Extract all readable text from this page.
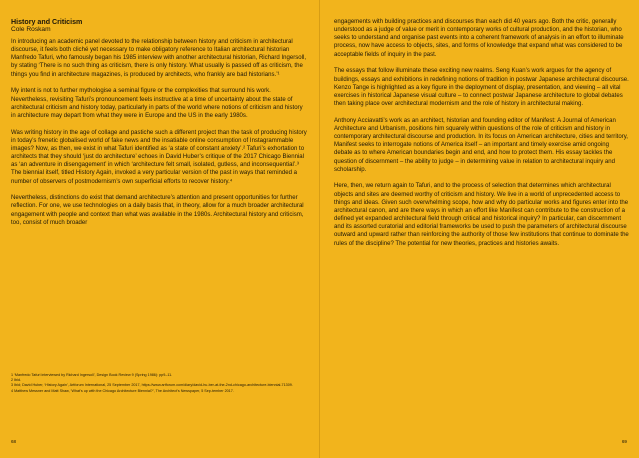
History and Criticism
Cole Roskam

In introducing an academic panel devoted to the relationship between history and criticism in architectural discourse, it feels both cliché yet necessary to make obligatory reference to Italian architectural historian Manfredo Tafuri, who famously began his 1985 interview with another architectural historian, Richard Ingersoll, by stating ‘There is no such thing as criticism, there is only history. What usually is passed off as criticism, the things you find in architecture magazines, is produced by architects, who frankly are bad historians.’¹

My intent is not to further mythologise a seminal figure or the complexities that surround his work. Nevertheless, revisiting Tafuri’s pronouncement feels instructive at a time of uncertainty about the state of architectural criticism and history today, particularly in parts of the world where notions of criticism and history in architecture may depart from what they were in Europe and the US in the early 1980s.

Was writing history in the age of collage and pastiche such a different project than the task of producing history in today’s frenetic globalised world of fake news and the insatiable online consumption of Instagrammable images? Now, as then, we exist in what Tafuri identified as ‘a state of constant anxiety’.² Tafuri’s exhortation to architects that they should ‘just do architecture’ echoes in David Huber’s critique of the 2017 Chicago Biennial as ‘an adventure in disengagement’ in which ‘architecture felt small, isolated, gutless, and inconsequential’.³ The biennial itself, titled History Again, invoked a very particular version of the past in ways that reminded a number of observers of postmodernism’s own superficial efforts to recover history.⁴

Nevertheless, distinctions do exist that demand architecture’s attention and present opportunities for further reflection. For one, we use technologies on a daily basis that, in theory, allow for a much broader architectural engagement with people and context than what was available in the 1980s. Architectural history and criticism, too, consist of much broader

1 ‘Manfredo Tafuri interviewed by Richard Ingersoll’, Design Book Review 9 (Spring 1986): pp9–11.

2 Ibid.

3 Ibid; David Huber, ‘History Again’, Artforum International, 25 September 2017, https://www.artforum.com/diary/david-hu-ber-at-the-2nd-chicago-architecture-biennial-71309.

4 Matthew Messner and Matt Shaw, ‘What’s up with the Chicago Architecture Biennial?’, The Architect’s Newspaper, 5 Sep-tember 2017.

68

engagements with building practices and discourses than each did 40 years ago. Both the critic, generally understood as a judge of value or merit in contemporary works of cultural production, and the historian, who seeks to understand and organise past events into a coherent framework of analysis in an effort to illuminate process, now have access to objects, sites, and forms of knowledge that expand what was considered to be acceptable fields of inquiry in the past.

The essays that follow illuminate these exciting new realms. Seng Kuan’s work argues for the agency of buildings, essays and exhibitions in redefining notions of tradition in postwar Japanese architectural discourse. Kenzo Tange is highlighted as a key figure in the deployment of display, presentation, and viewing – all vital exercises in historical Japanese visual culture – to connect postwar Japanese architecture to global debates then taking place over architectural modernism and the role of history in architectural making.

Anthony Acciavatti’s work as an architect, historian and founding editor of Manifest: A Journal of American Architecture and Urbanism, positions him squarely within questions of the role of criticism and history in contemporary architectural discourse and production. In its focus on American architecture, cities and territory, Manifest seeks to interrogate notions of America itself – an important and timely exercise amid ongoing debate as to where American boundaries begin and end, and how to protect them. His essay tackles the question of discernment – the ability to judge – in determining value in relation to architectural inquiry and scholarship.

Here, then, we return again to Tafuri, and to the process of selection that determines which architectural objects and sites are deemed worthy of criticism and history. We live in a world of unprecedented access to things and ideas. Given such overwhelming scope, how and why do particular works and figures enter into the architectural canon, and are there ways in which an effort like Manifest can contribute to the construction of a defined yet expanded architectural field through critical and historical inquiry? In particular, can discernment and its assorted curatorial and editorial frameworks be used to push the parameters of architectural discourse outward and upward rather than reinforcing the authority of those few institutions that continue to dominate the rules of the discipline? The potential for new theories, practices and histories awaits.

69
